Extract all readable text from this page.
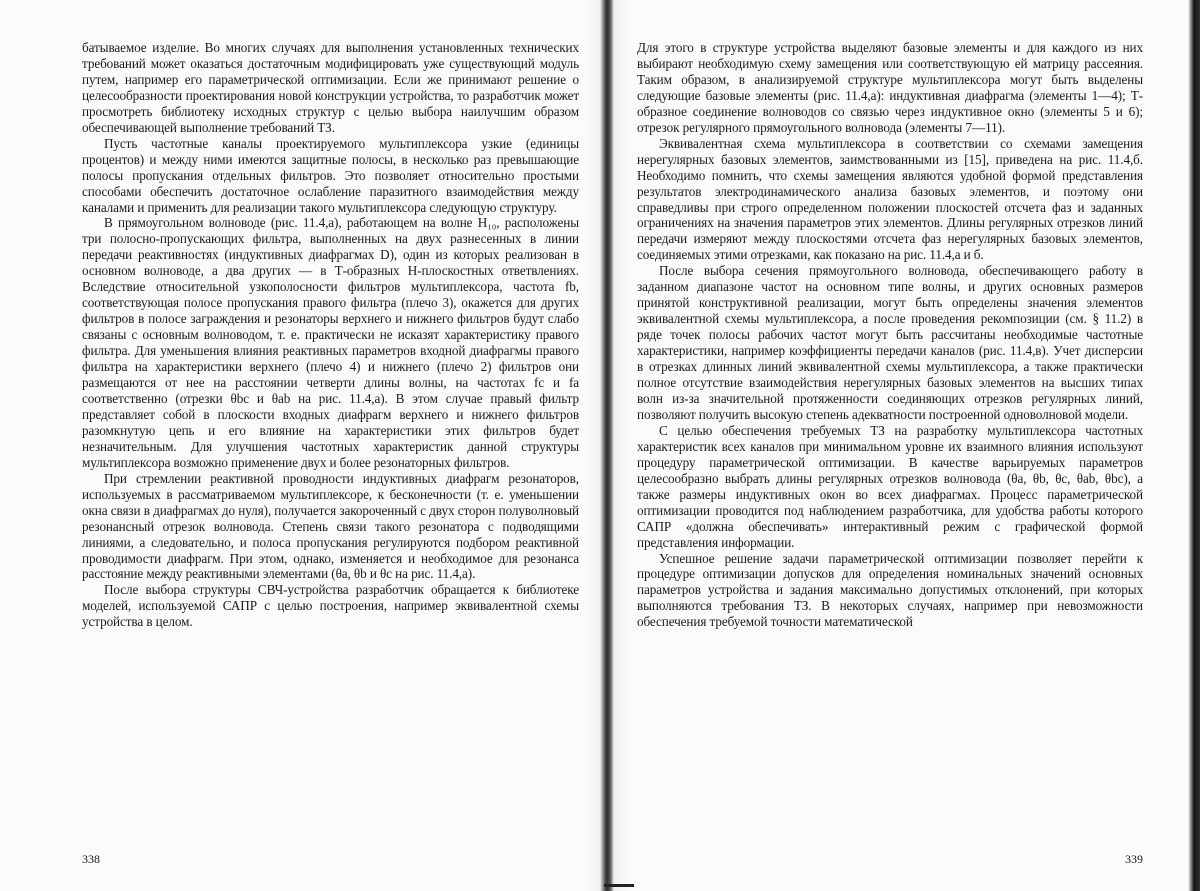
батываемое изделие. Во многих случаях для выполнения установленных технических требований может оказаться достаточным модифицировать уже существующий модуль путем, например его параметрической оптимизации. Если же принимают решение о целесообразности проектирования новой конструкции устройства, то разработчик может просмотреть библиотеку исходных структур с целью выбора наилучшим образом обеспечивающей выполнение требований ТЗ.

Пусть частотные каналы проектируемого мультиплексора узкие (единицы процентов) и между ними имеются защитные полосы, в несколько раз превышающие полосы пропускания отдельных фильтров. Это позволяет относительно простыми способами обеспечить достаточное ослабление паразитного взаимодействия между каналами и применить для реализации такого мультиплексора следующую структуру.

В прямоугольном волноводе (рис. 11.4,а), работающем на волне H₁₀, расположены три полосно-пропускающих фильтра, выполненных на двух разнесенных в линии передачи реактивностях (индуктивных диафрагмах D), один из которых реализован в основном волноводе, а два других — в Т-образных Н-плоскостных ответвлениях. Вследствие относительной узкополосности фильтров мультиплексора, частота fb, соответствующая полосе пропускания правого фильтра (плечо 3), окажется для других фильтров в полосе заграждения и резонаторы верхнего и нижнего фильтров будут слабо связаны с основным волноводом, т. е. практически не исказят характеристику правого фильтра. Для уменьшения влияния реактивных параметров входной диафрагмы правого фильтра на характеристики верхнего (плечо 4) и нижнего (плечо 2) фильтров они размещаются от нее на расстоянии четверти длины волны, на частотах fc и fa соответственно (отрезки θbc и θab на рис. 11.4,а). В этом случае правый фильтр представляет собой в плоскости входных диафрагм верхнего и нижнего фильтров разомкнутую цепь и его влияние на характеристики этих фильтров будет незначительным. Для улучшения частотных характеристик данной структуры мультиплексора возможно применение двух и более резонаторных фильтров.

При стремлении реактивной проводности индуктивных диафрагм резонаторов, используемых в рассматриваемом мультиплексоре, к бесконечности (т. е. уменьшении окна связи в диафрагмах до нуля), получается закороченный с двух сторон полуволновый резонансный отрезок волновода. Степень связи такого резонатора с подводящими линиями, а следовательно, и полоса пропускания регулируются подбором реактивной проводимости диафрагм. При этом, однако, изменяется и необходимое для резонанса расстояние между реактивными элементами (θa, θb и θc на рис. 11.4,а).

После выбора структуры СВЧ-устройства разработчик обращается к библиотеке моделей, используемой САПР с целью построения, например эквивалентной схемы устройства в целом.

338

Для этого в структуре устройства выделяют базовые элементы и для каждого из них выбирают необходимую схему замещения или соответствующую ей матрицу рассеяния. Таким образом, в анализируемой структуре мультиплексора могут быть выделены следующие базовые элементы (рис. 11.4,а): индуктивная диафрагма (элементы 1—4); Т-образное соединение волноводов со связью через индуктивное окно (элементы 5 и 6); отрезок регулярного прямоугольного волновода (элементы 7—11).

Эквивалентная схема мультиплексора в соответствии со схемами замещения нерегулярных базовых элементов, заимствованными из [15], приведена на рис. 11.4,б. Необходимо помнить, что схемы замещения являются удобной формой представления результатов электродинамического анализа базовых элементов, и поэтому они справедливы при строго определенном положении плоскостей отсчета фаз и заданных ограничениях на значения параметров этих элементов. Длины регулярных отрезков линий передачи измеряют между плоскостями отсчета фаз нерегулярных базовых элементов, соединяемых этими отрезками, как показано на рис. 11.4,а и б.

После выбора сечения прямоугольного волновода, обеспечивающего работу в заданном диапазоне частот на основном типе волны, и других основных размеров принятой конструктивной реализации, могут быть определены значения элементов эквивалентной схемы мультиплексора, а после проведения рекомпозиции (см. § 11.2) в ряде точек полосы рабочих частот могут быть рассчитаны необходимые частотные характеристики, например коэффициенты передачи каналов (рис. 11.4,в). Учет дисперсии в отрезках длинных линий эквивалентной схемы мультиплексора, а также практически полное отсутствие взаимодействия нерегулярных базовых элементов на высших типах волн из-за значительной протяженности соединяющих отрезков регулярных линий, позволяют получить высокую степень адекватности построенной одноволновой модели.

С целью обеспечения требуемых ТЗ на разработку мультиплексора частотных характеристик всех каналов при минимальном уровне их взаимного влияния используют процедуру параметрической оптимизации. В качестве варьируемых параметров целесообразно выбрать длины регулярных отрезков волновода (θa, θb, θc, θab, θbc), а также размеры индуктивных окон во всех диафрагмах. Процесс параметрической оптимизации проводится под наблюдением разработчика, для удобства работы которого САПР «должна обеспечивать» интерактивный режим с графической формой представления информации.

Успешное решение задачи параметрической оптимизации позволяет перейти к процедуре оптимизации допусков для определения номинальных значений основных параметров устройства и задания максимально допустимых отклонений, при которых выполняются требования ТЗ. В некоторых случаях, например при невозможности обеспечения требуемой точности математической

339
